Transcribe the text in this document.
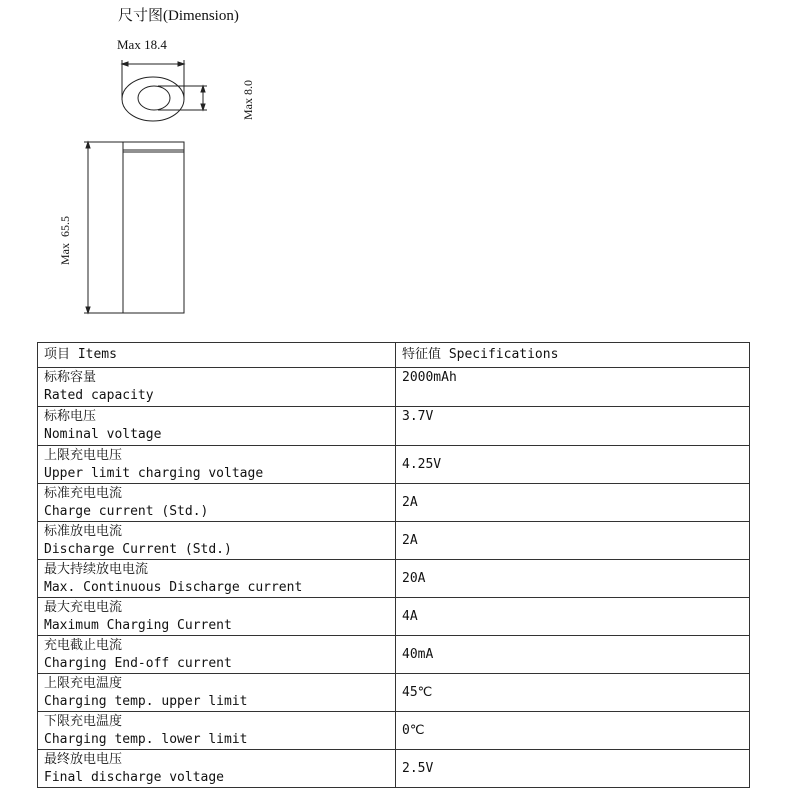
尺寸图(Dimension)
Max 18.4
Max 8.0
Max  65.5
项目 Items	特征值 Specifications

标称容量
Rated capacity	2000mAh

标称电压
Nominal voltage	3.7V

上限充电电压
Upper limit charging voltage	4.25V

标准充电电流
Charge current (Std.)	2A

标准放电电流
Discharge Current (Std.)	2A

最大持续放电电流
Max. Continuous Discharge current	20A

最大充电电流
Maximum Charging Current	4A

充电截止电流
Charging End-off current	40mA

上限充电温度
Charging temp. upper limit	45℃

下限充电温度
Charging temp. lower limit	0℃

最终放电电压
Final discharge voltage	2.5V
